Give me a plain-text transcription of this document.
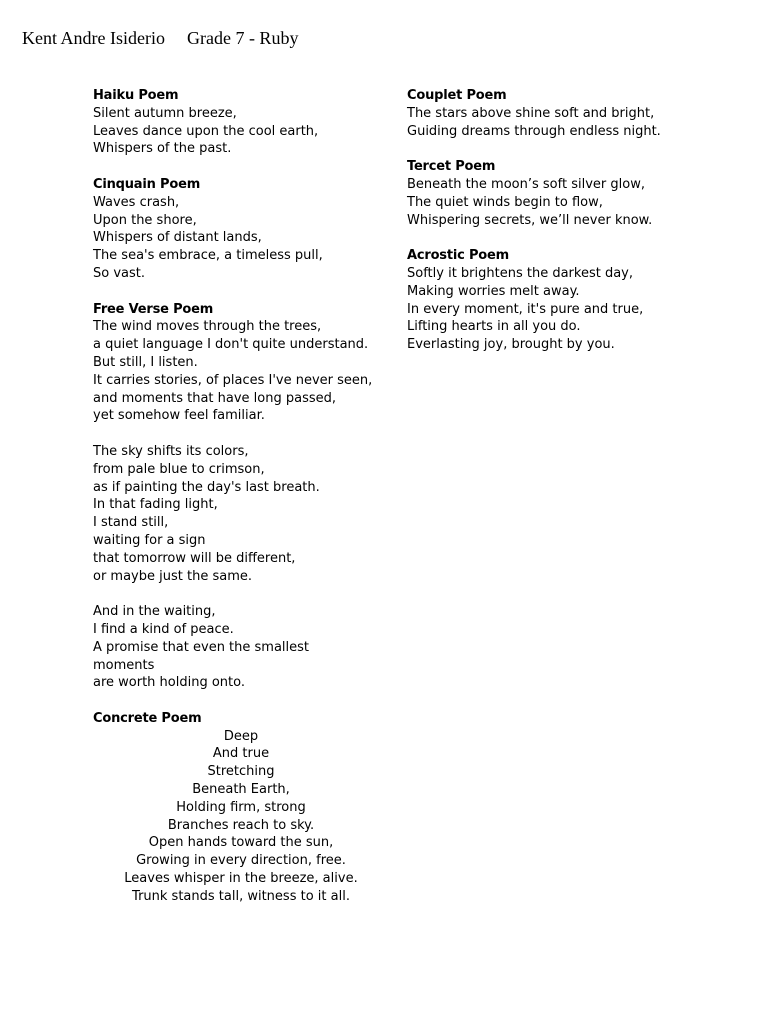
Kent Andre Isiderio Grade 7 - Ruby
Haiku Poem
Silent autumn breeze,
Leaves dance upon the cool earth,
Whispers of the past.
Cinquain Poem
Waves crash,
Upon the shore,
Whispers of distant lands,
The sea's embrace, a timeless pull,
So vast.
Free Verse Poem
The wind moves through the trees,
a quiet language I don't quite understand.
But still, I listen.
It carries stories, of places I've never seen,
and moments that have long passed,
yet somehow feel familiar.
The sky shifts its colors,
from pale blue to crimson,
as if painting the day's last breath.
In that fading light,
I stand still,
waiting for a sign
that tomorrow will be different,
or maybe just the same.
And in the waiting,
I find a kind of peace.
A promise that even the smallest
moments
are worth holding onto.
Concrete Poem
Deep
And true
Stretching
Beneath Earth,
Holding firm, strong
Branches reach to sky.
Open hands toward the sun,
Growing in every direction, free.
Leaves whisper in the breeze, alive.
Trunk stands tall, witness to it all.
Couplet Poem
The stars above shine soft and bright,
Guiding dreams through endless night.
Tercet Poem
Beneath the moon’s soft silver glow,
The quiet winds begin to flow,
Whispering secrets, we’ll never know.
Acrostic Poem
Softly it brightens the darkest day,
Making worries melt away.
In every moment, it's pure and true,
Lifting hearts in all you do.
Everlasting joy, brought by you.
